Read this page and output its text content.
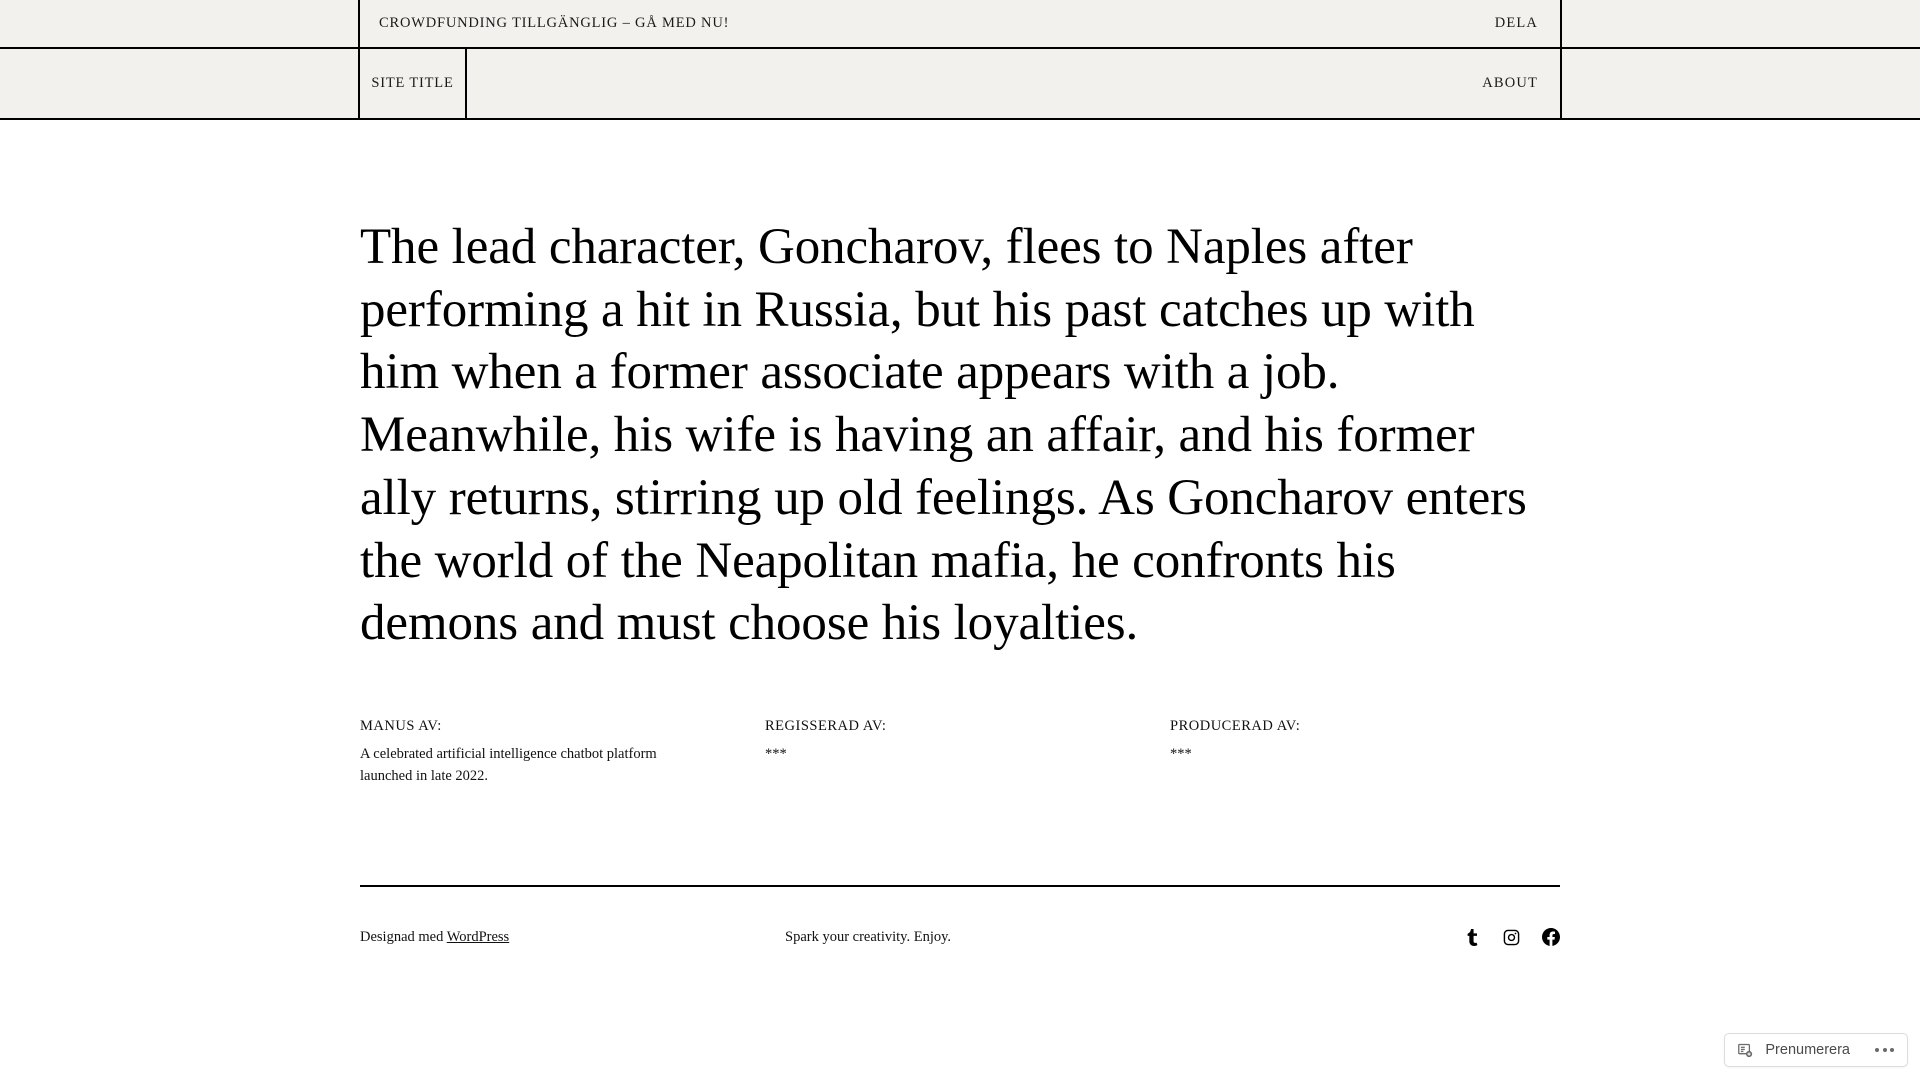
CROWDFUNDING TILLGÄNGLIG – GÅ MED NU!	DELA
SITE TITLE	ABOUT
The lead character, Goncharov, flees to Naples after performing a hit in Russia, but his past catches up with him when a former associate appears with a job. Meanwhile, his wife is having an affair, and his former ally returns, stirring up old feelings. As Goncharov enters the world of the Neapolitan mafia, he confronts his demons and must choose his loyalties.

MANUS AV:

A celebrated artificial intelligence chatbot platform launched in late 2022.

REGISSERAD AV:

***

PRODUCERAD AV:

***

Designad med WordPress	Spark your creativity. Enjoy.
Prenumerera
